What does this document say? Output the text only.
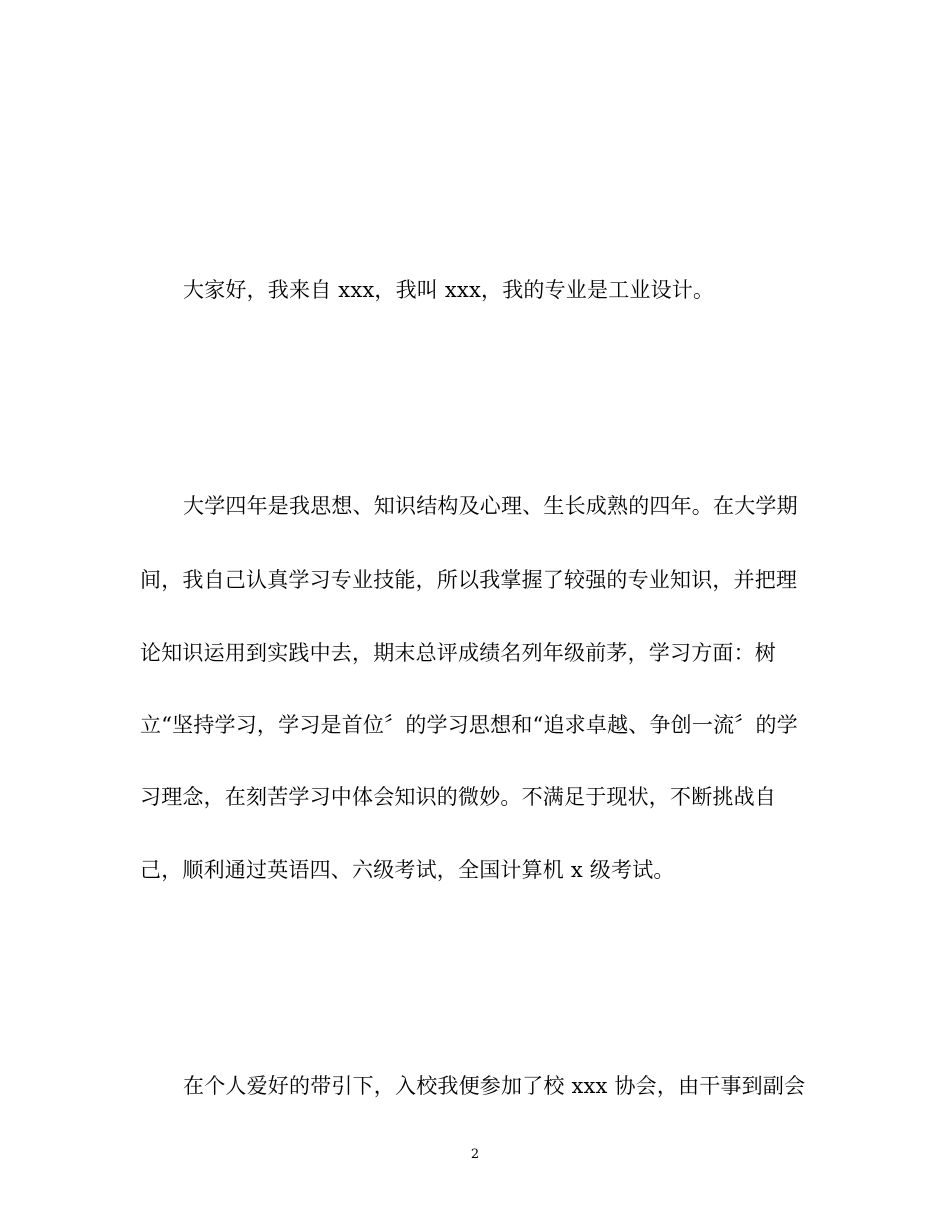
大家好，我来自 xxx，我叫 xxx，我的专业是工业设计。
大学四年是我思想、知识结构及心理、生长成熟的四年。在大学期
间，我自己认真学习专业技能，所以我掌握了较强的专业知识，并把理
论知识运用到实践中去，期末总评成绩名列年级前茅，学习方面：树
立“坚持学习，学习是首位〞的学习思想和“追求卓越、争创一流〞的学
习理念，在刻苦学习中体会知识的微妙。不满足于现状，不断挑战自
己，顺利通过英语四、六级考试，全国计算机 x 级考试。
在个人爱好的带引下，入校我便参加了校 xxx 协会，由干事到副会
2
